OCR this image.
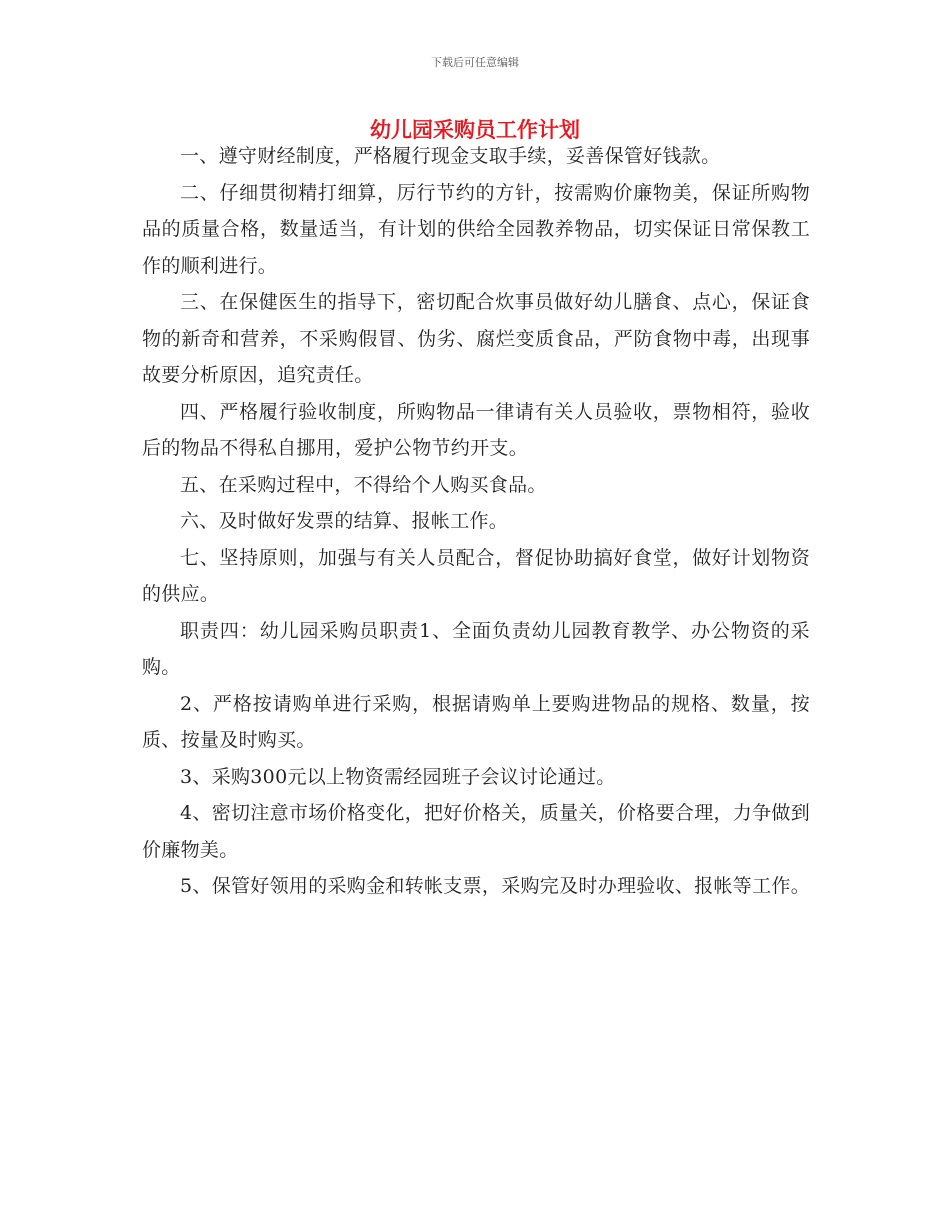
下载后可任意编辑
幼儿园采购员工作计划

一、遵守财经制度，严格履行现金支取手续，妥善保管好钱款。

二、仔细贯彻精打细算，厉行节约的方针，按需购价廉物美，保证所购物品的质量合格，数量适当，有计划的供给全园教养物品，切实保证日常保教工作的顺利进行。

三、在保健医生的指导下，密切配合炊事员做好幼儿膳食、点心，保证食物的新奇和营养，不采购假冒、伪劣、腐烂变质食品，严防食物中毒，出现事故要分析原因，追究责任。

四、严格履行验收制度，所购物品一律请有关人员验收，票物相符，验收后的物品不得私自挪用，爱护公物节约开支。

五、在采购过程中，不得给个人购买食品。

六、及时做好发票的结算、报帐工作。

七、坚持原则，加强与有关人员配合，督促协助搞好食堂，做好计划物资的供应。

职责四：幼儿园采购员职责1、全面负责幼儿园教育教学、办公物资的采购。

2、严格按请购单进行采购，根据请购单上要购进物品的规格、数量，按质、按量及时购买。

3、采购300元以上物资需经园班子会议讨论通过。

4、密切注意市场价格变化，把好价格关，质量关，价格要合理，力争做到价廉物美。

5、保管好领用的采购金和转帐支票，采购完及时办理验收、报帐等工作。
